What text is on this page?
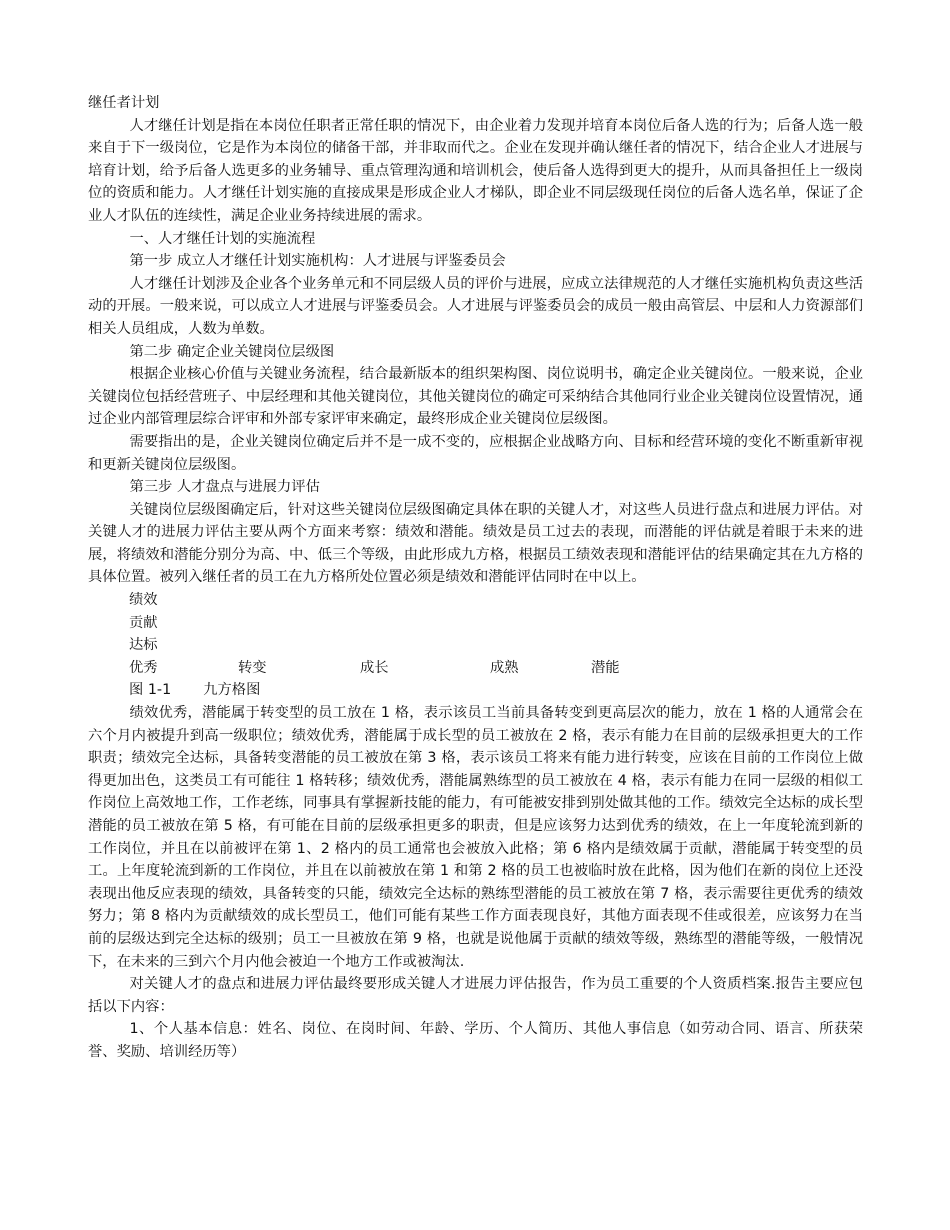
继任者计划

人才继任计划是指在本岗位任职者正常任职的情况下，由企业着力发现并培育本岗位后备人选的行为；后备人选一般来自于下一级岗位，它是作为本岗位的储备干部，并非取而代之。企业在发现并确认继任者的情况下，结合企业人才进展与培育计划，给予后备人选更多的业务辅导、重点管理沟通和培训机会，使后备人选得到更大的提升，从而具备担任上一级岗位的资质和能力。人才继任计划实施的直接成果是形成企业人才梯队，即企业不同层级现任岗位的后备人选名单，保证了企业人才队伍的连续性，满足企业业务持续进展的需求。

一、人才继任计划的实施流程

第一步 成立人才继任计划实施机构：人才进展与评鉴委员会

人才继任计划涉及企业各个业务单元和不同层级人员的评价与进展，应成立法律规范的人才继任实施机构负责这些活动的开展。一般来说，可以成立人才进展与评鉴委员会。人才进展与评鉴委员会的成员一般由高管层、中层和人力资源部们相关人员组成，人数为单数。

第二步 确定企业关键岗位层级图

根据企业核心价值与关键业务流程，结合最新版本的组织架构图、岗位说明书，确定企业关键岗位。一般来说，企业关键岗位包括经营班子、中层经理和其他关键岗位，其他关键岗位的确定可采纳结合其他同行业企业关键岗位设置情况，通过企业内部管理层综合评审和外部专家评审来确定，最终形成企业关键岗位层级图。

需要指出的是，企业关键岗位确定后并不是一成不变的，应根据企业战略方向、目标和经营环境的变化不断重新审视和更新关键岗位层级图。

第三步 人才盘点与进展力评估

关键岗位层级图确定后，针对这些关键岗位层级图确定具体在职的关键人才，对这些人员进行盘点和进展力评估。对关键人才的进展力评估主要从两个方面来考察：绩效和潜能。绩效是员工过去的表现，而潜能的评估就是着眼于未来的进展，将绩效和潜能分别分为高、中、低三个等级，由此形成九方格，根据员工绩效表现和潜能评估的结果确定其在九方格的具体位置。被列入继任者的员工在九方格所处位置必须是绩效和潜能评估同时在中以上。

绩效

贡献

达标

优秀	转变	成长	成熟	潜能

图 1-1 九方格图

绩效优秀，潜能属于转变型的员工放在 1 格，表示该员工当前具备转变到更高层次的能力，放在 1 格的人通常会在六个月内被提升到高一级职位；绩效优秀，潜能属于成长型的员工被放在 2 格，表示有能力在目前的层级承担更大的工作职责；绩效完全达标，具备转变潜能的员工被放在第 3 格，表示该员工将来有能力进行转变，应该在目前的工作岗位上做得更加出色，这类员工有可能往 1 格转移；绩效优秀，潜能属熟练型的员工被放在 4 格，表示有能力在同一层级的相似工作岗位上高效地工作，工作老练，同事具有掌握新技能的能力，有可能被安排到别处做其他的工作。绩效完全达标的成长型潜能的员工被放在第 5 格，有可能在目前的层级承担更多的职责，但是应该努力达到优秀的绩效，在上一年度轮流到新的工作岗位，并且在以前被评在第 1、2 格内的员工通常也会被放入此格；第 6 格内是绩效属于贡献，潜能属于转变型的员工。上年度轮流到新的工作岗位，并且在以前被放在第 1 和第 2 格的员工也被临时放在此格，因为他们在新的岗位上还没表现出他反应表现的绩效，具备转变的只能，绩效完全达标的熟练型潜能的员工被放在第 7 格，表示需要往更优秀的绩效努力；第 8 格内为贡献绩效的成长型员工，他们可能有某些工作方面表现良好，其他方面表现不佳或很差，应该努力在当前的层级达到完全达标的级别；员工一旦被放在第 9 格，也就是说他属于贡献的绩效等级，熟练型的潜能等级，一般情况下，在未来的三到六个月内他会被迫一个地方工作或被淘汰.

对关键人才的盘点和进展力评估最终要形成关键人才进展力评估报告，作为员工重要的个人资质档案.报告主要应包括以下内容：

1、个人基本信息：姓名、岗位、在岗时间、年龄、学历、个人简历、其他人事信息（如劳动合同、语言、所获荣誉、奖励、培训经历等）
